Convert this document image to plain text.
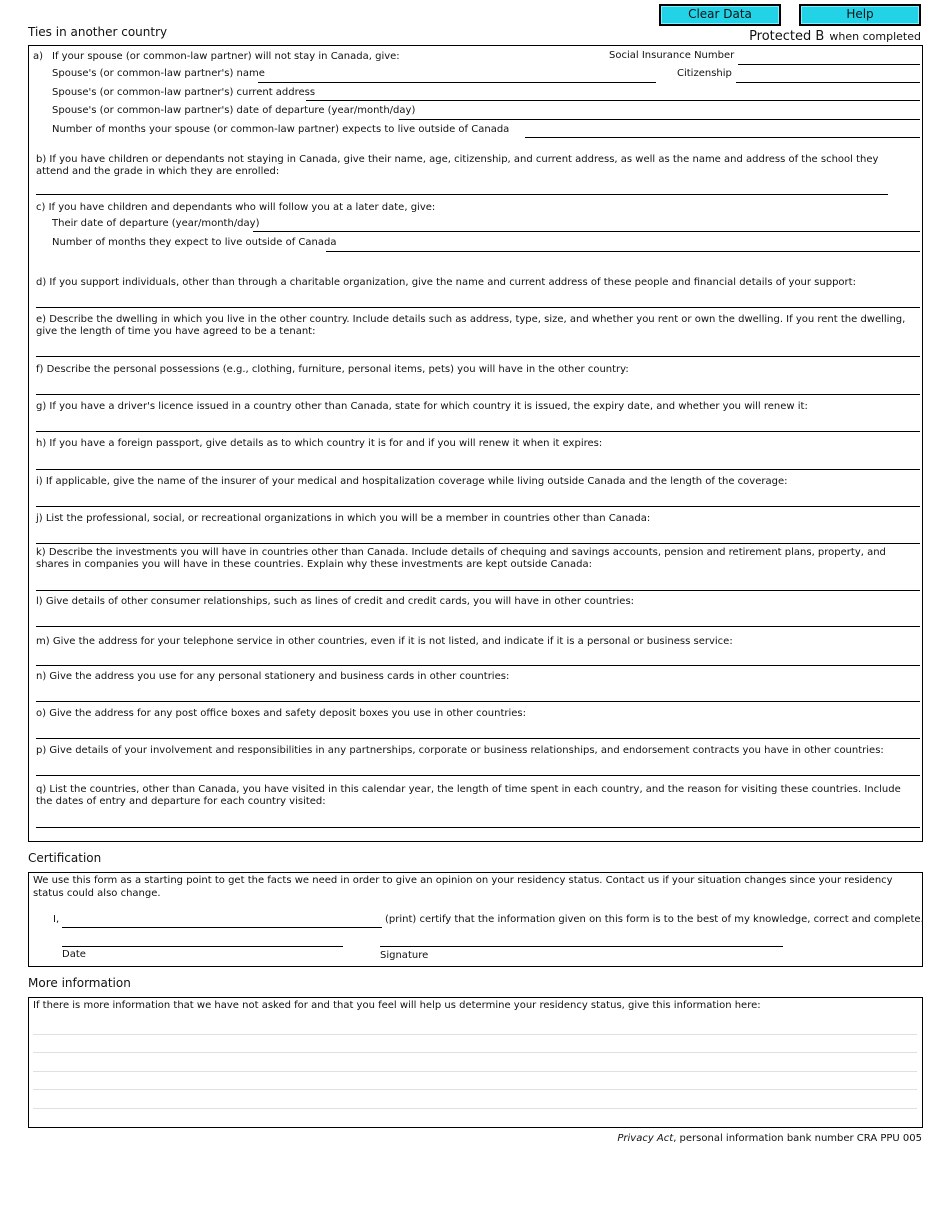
Clear Data	Help
Ties in another country	Protected B when completed
a) If your spouse (or common-law partner) will not stay in Canada, give:	Social Insurance Number
Spouse's (or common-law partner's) name	Citizenship
Spouse's (or common-law partner's) current address
Spouse's (or common-law partner's) date of departure (year/month/day)
Number of months your spouse (or common-law partner) expects to live outside of Canada
b) If you have children or dependants not staying in Canada, give their name, age, citizenship, and current address, as well as the name and address of the school they attend and the grade in which they are enrolled:
c) If you have children and dependants who will follow you at a later date, give:
Their date of departure (year/month/day)
Number of months they expect to live outside of Canada
d) If you support individuals, other than through a charitable organization, give the name and current address of these people and financial details of your support:
e) Describe the dwelling in which you live in the other country. Include details such as address, type, size, and whether you rent or own the dwelling. If you rent the dwelling, give the length of time you have agreed to be a tenant:
f) Describe the personal possessions (e.g., clothing, furniture, personal items, pets) you will have in the other country:
g) If you have a driver's licence issued in a country other than Canada, state for which country it is issued, the expiry date, and whether you will renew it:
h) If you have a foreign passport, give details as to which country it is for and if you will renew it when it expires:
i) If applicable, give the name of the insurer of your medical and hospitalization coverage while living outside Canada and the length of the coverage:
j) List the professional, social, or recreational organizations in which you will be a member in countries other than Canada:
k) Describe the investments you will have in countries other than Canada. Include details of chequing and savings accounts, pension and retirement plans, property, and shares in companies you will have in these countries. Explain why these investments are kept outside Canada:
l) Give details of other consumer relationships, such as lines of credit and credit cards, you will have in other countries:
m) Give the address for your telephone service in other countries, even if it is not listed, and indicate if it is a personal or business service:
n) Give the address you use for any personal stationery and business cards in other countries:
o) Give the address for any post office boxes and safety deposit boxes you use in other countries:
p) Give details of your involvement and responsibilities in any partnerships, corporate or business relationships, and endorsement contracts you have in other countries:
q) List the countries, other than Canada, you have visited in this calendar year, the length of time spent in each country, and the reason for visiting these countries. Include the dates of entry and departure for each country visited:
Certification
We use this form as a starting point to get the facts we need in order to give an opinion on your residency status. Contact us if your situation changes since your residency status could also change.
I,	(print) certify that the information given on this form is to the best of my knowledge, correct and complete.
Date	Signature
More information
If there is more information that we have not asked for and that you feel will help us determine your residency status, give this information here:
Privacy Act, personal information bank number CRA PPU 005
